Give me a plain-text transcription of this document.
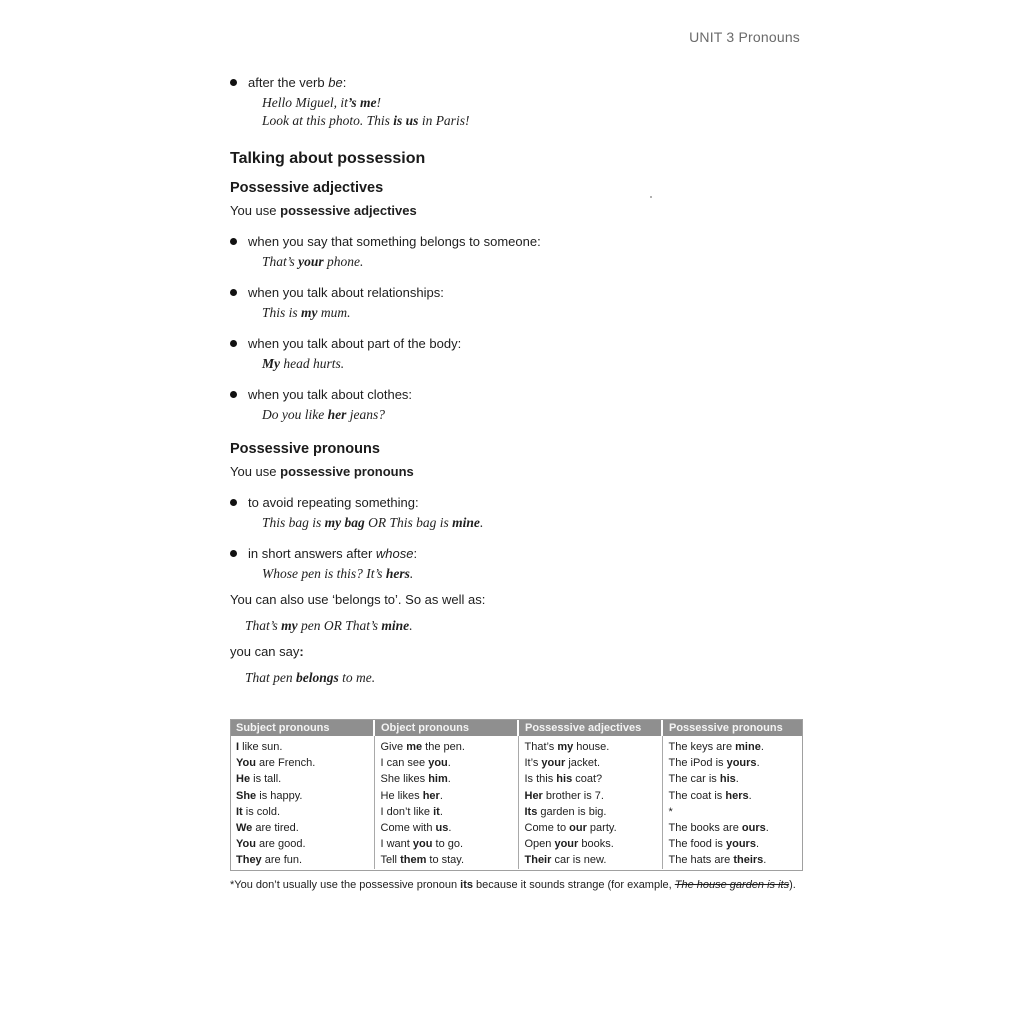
UNIT 3 Pronouns
after the verb be:
Hello Miguel, it’s me!
Look at this photo. This is us in Paris!
Talking about possession
Possessive adjectives
You use possessive adjectives
when you say that something belongs to someone:
That’s your phone.
when you talk about relationships:
This is my mum.
when you talk about part of the body:
My head hurts.
when you talk about clothes:
Do you like her jeans?
Possessive pronouns
You use possessive pronouns
to avoid repeating something:
This bag is my bag OR This bag is mine.
in short answers after whose:
Whose pen is this? It’s hers.
You can also use ‘belongs to’. So as well as:
That’s my pen OR That’s mine.
you can say:
That pen belongs to me.
Subject pronouns	Object pronouns	Possessive adjectives	Possessive pronouns
I like sun.	Give me the pen.	That’s my house.	The keys are mine.
You are French.	I can see you.	It’s your jacket.	The iPod is yours.
He is tall.	She likes him.	Is this his coat?	The car is his.
She is happy.	He likes her.	Her brother is 7.	The coat is hers.
It is cold.	I don’t like it.	Its garden is big.	*
We are tired.	Come with us.	Come to our party.	The books are ours.
You are good.	I want you to go.	Open your books.	The food is yours.
They are fun.	Tell them to stay.	Their car is new.	The hats are theirs.
*You don’t usually use the possessive pronoun its because it sounds strange (for example, The house garden is its).
